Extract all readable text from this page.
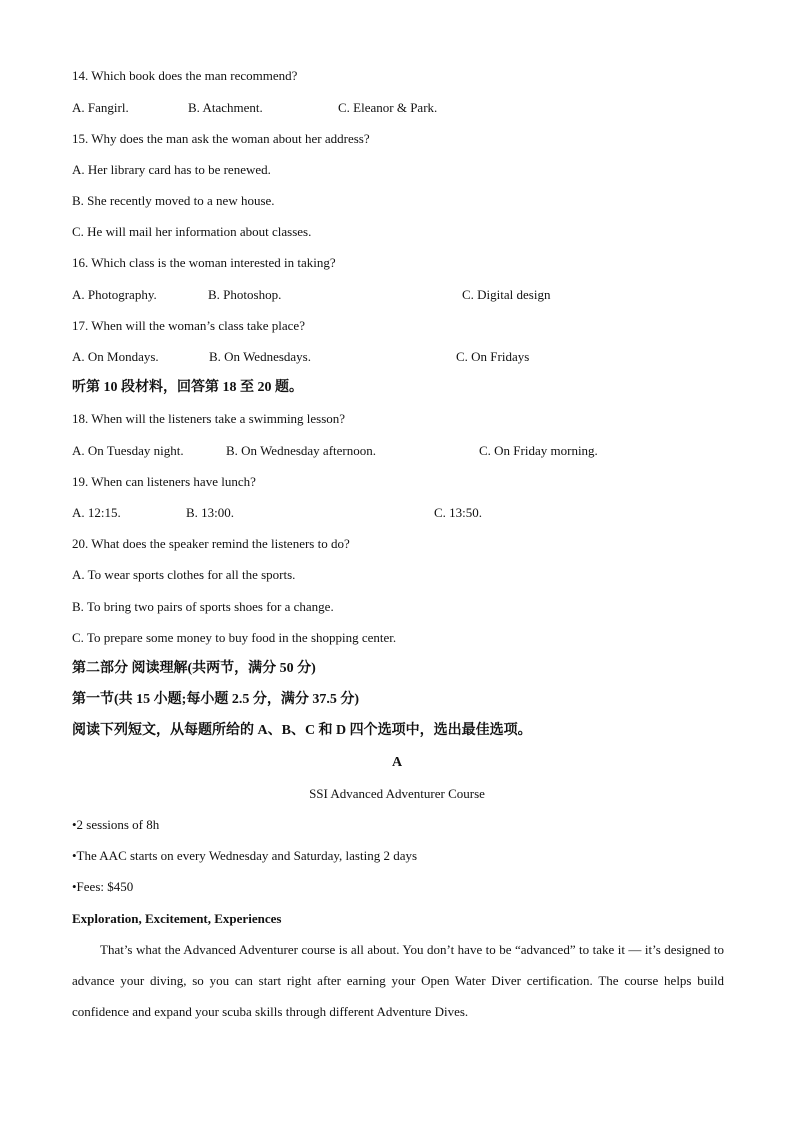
14. Which book does the man recommend?
A. Fangirl.	B. Atachment.	C. Eleanor & Park.
15. Why does the man ask the woman about her address?
A. Her library card has to be renewed.
B. She recently moved to a new house.
C. He will mail her information about classes.
16. Which class is the woman interested in taking?
A. Photography.	B. Photoshop.	C. Digital design
17. When will the woman’s class take place?
A. On Mondays.	B. On Wednesdays.	C. On Fridays
听第 10 段材料，回答第 18 至 20 题。
18. When will the listeners take a swimming lesson?
A. On Tuesday night.	B. On Wednesday afternoon.	C. On Friday morning.
19. When can listeners have lunch?
A. 12:15.	B. 13:00.	C. 13:50.
20. What does the speaker remind the listeners to do?
A. To wear sports clothes for all the sports.
B. To bring two pairs of sports shoes for a change.
C. To prepare some money to buy food in the shopping center.
第二部分 阅读理解(共两节，满分 50 分)
第一节(共 15 小题;每小题 2.5 分，满分 37.5 分)
阅读下列短文，从每题所给的 A、B、C 和 D 四个选项中，选出最佳选项。
A
SSI Advanced Adventurer Course
•2 sessions of 8h
•The AAC starts on every Wednesday and Saturday, lasting 2 days
•Fees: $450
Exploration, Excitement, Experiences
That’s what the Advanced Adventurer course is all about. You don’t have to be “advanced” to take it — it’s designed to advance your diving, so you can start right after earning your Open Water Diver certification. The course helps build confidence and expand your scuba skills through different Adventure Dives.
